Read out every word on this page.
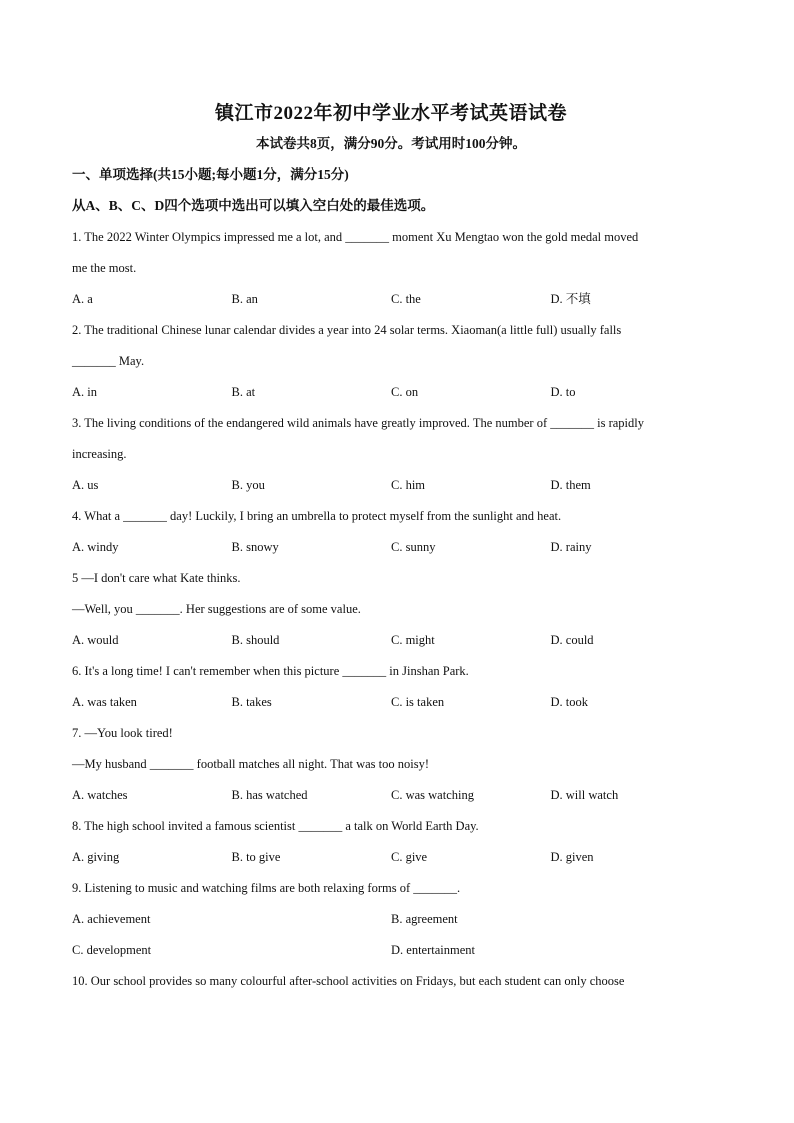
镇江市2022年初中学业水平考试英语试卷
本试卷共8页，满分90分。考试用时100分钟。
一、单项选择(共15小题;每小题1分，满分15分)
从A、B、C、D四个选项中选出可以填入空白处的最佳选项。
1. The 2022 Winter Olympics impressed me a lot, and _______ moment Xu Mengtao won the gold medal moved
me the most.
A. a	B. an	C. the	D. 不填
2. The traditional Chinese lunar calendar divides a year into 24 solar terms. Xiaoman(a little full) usually falls
_______ May.
A. in	B. at	C. on	D. to
3. The living conditions of the endangered wild animals have greatly improved. The number of _______ is rapidly
increasing.
A. us	B. you	C. him	D. them
4. What a _______ day! Luckily, I bring an umbrella to protect myself from the sunlight and heat.
A. windy	B. snowy	C. sunny	D. rainy
5 —I don't care what Kate thinks.
—Well, you _______. Her suggestions are of some value.
A. would	B. should	C. might	D. could
6. It's a long time! I can't remember when this picture _______ in Jinshan Park.
A. was taken	B. takes	C. is taken	D. took
7. —You look tired!
—My husband _______ football matches all night. That was too noisy!
A. watches	B. has watched	C. was watching	D. will watch
8. The high school invited a famous scientist _______ a talk on World Earth Day.
A. giving	B. to give	C. give	D. given
9. Listening to music and watching films are both relaxing forms of _______.
A. achievement	B. agreement
C. development	D. entertainment
10. Our school provides so many colourful after-school activities on Fridays, but each student can only choose
